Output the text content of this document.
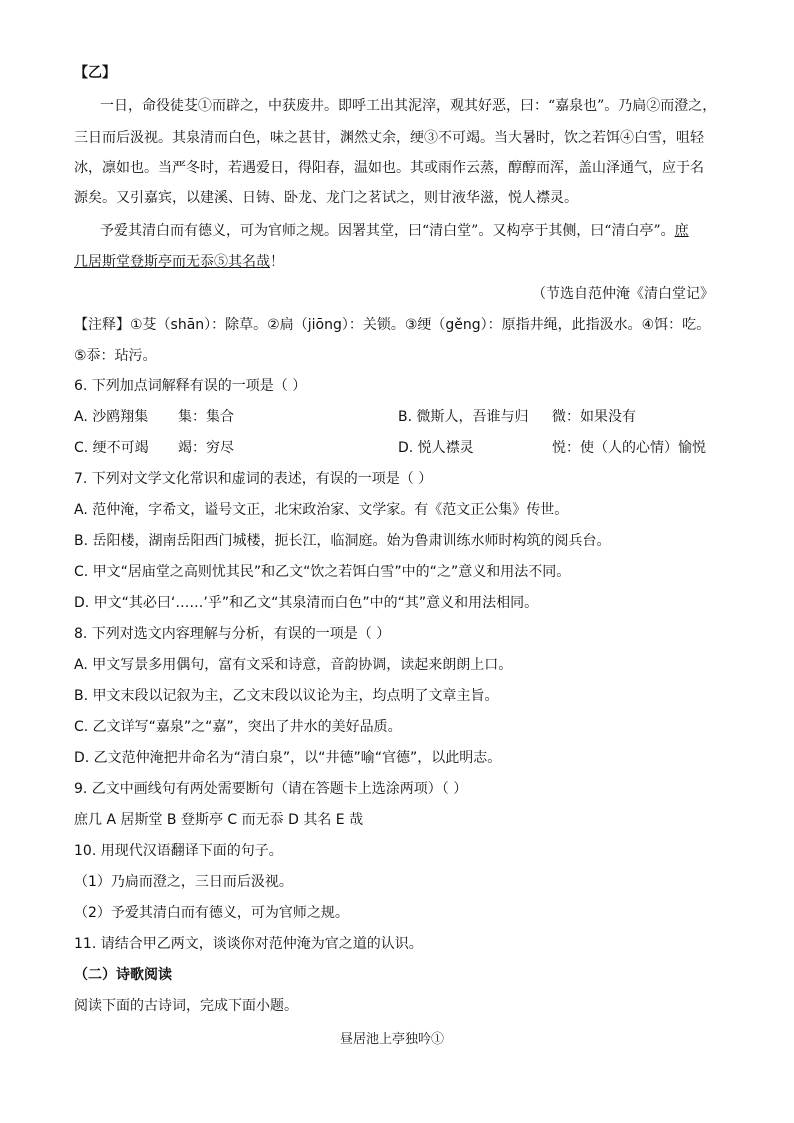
【乙】
一日，命役徒芟①而辟之，中获废井。即呼工出其泥滓，观其好恶，曰：“嘉泉也”。乃扃②而澄之，
三日而后汲视。其泉清而白色，味之甚甘，渊然丈余，绠③不可竭。当大暑时，饮之若饵④白雪，咀轻
冰，凛如也。当严冬时，若遇爱日，得阳春，温如也。其或雨作云蒸，醇醇而浑，盖山泽通气，应于名
源矣。又引嘉宾，以建溪、日铸、卧龙、龙门之茗试之，则甘液华滋，悦人襟灵。
予爱其清白而有德义，可为官师之规。因署其堂，曰“清白堂”。又构亭于其侧，曰“清白亭”。庶
几居斯堂登斯亭而无忝⑤其名哉！
（节选自范仲淹《清白堂记》
【注释】①芟（shān）：除草。②扃（jiōng）：关锁。③绠（gěng）：原指井绳，此指汲水。④饵：吃。
⑤忝：玷污。
6. 下列加点词解释有误的一项是（ ）
A. 沙鸥翔集 集：集合	B. 微斯人，吾谁与归 微：如果没有
C. 绠不可竭 竭：穷尽	D. 悦人襟灵	悦：使（人的心情）愉悦
7. 下列对文学文化常识和虚词的表述，有误的一项是（ ）
A. 范仲淹，字希文，谥号文正，北宋政治家、文学家。有《范文正公集》传世。
B. 岳阳楼，湖南岳阳西门城楼，扼长江，临洞庭。始为鲁肃训练水师时构筑的阅兵台。
C. 甲文“居庙堂之高则忧其民”和乙文“饮之若饵白雪”中的“之”意义和用法不同。
D. 甲文“其必曰‘……’乎”和乙文“其泉清而白色”中的“其”意义和用法相同。
8. 下列对选文内容理解与分析，有误的一项是（ ）
A. 甲文写景多用偶句，富有文采和诗意，音韵协调，读起来朗朗上口。
B. 甲文末段以记叙为主，乙文末段以议论为主，均点明了文章主旨。
C. 乙文详写“嘉泉”之“嘉”，突出了井水的美好品质。
D. 乙文范仲淹把井命名为“清白泉”，以“井德”喻“官德”，以此明志。
9. 乙文中画线句有两处需要断句（请在答题卡上选涂两项）（ ）
庶几 A 居斯堂 B 登斯亭 C 而无忝 D 其名 E 哉
10. 用现代汉语翻译下面的句子。
（1）乃扃而澄之，三日而后汲视。
（2）予爱其清白而有德义，可为官师之规。
11. 请结合甲乙两文，谈谈你对范仲淹为官之道的认识。
（二）诗歌阅读
阅读下面的古诗词，完成下面小题。
昼居池上亭独吟①
